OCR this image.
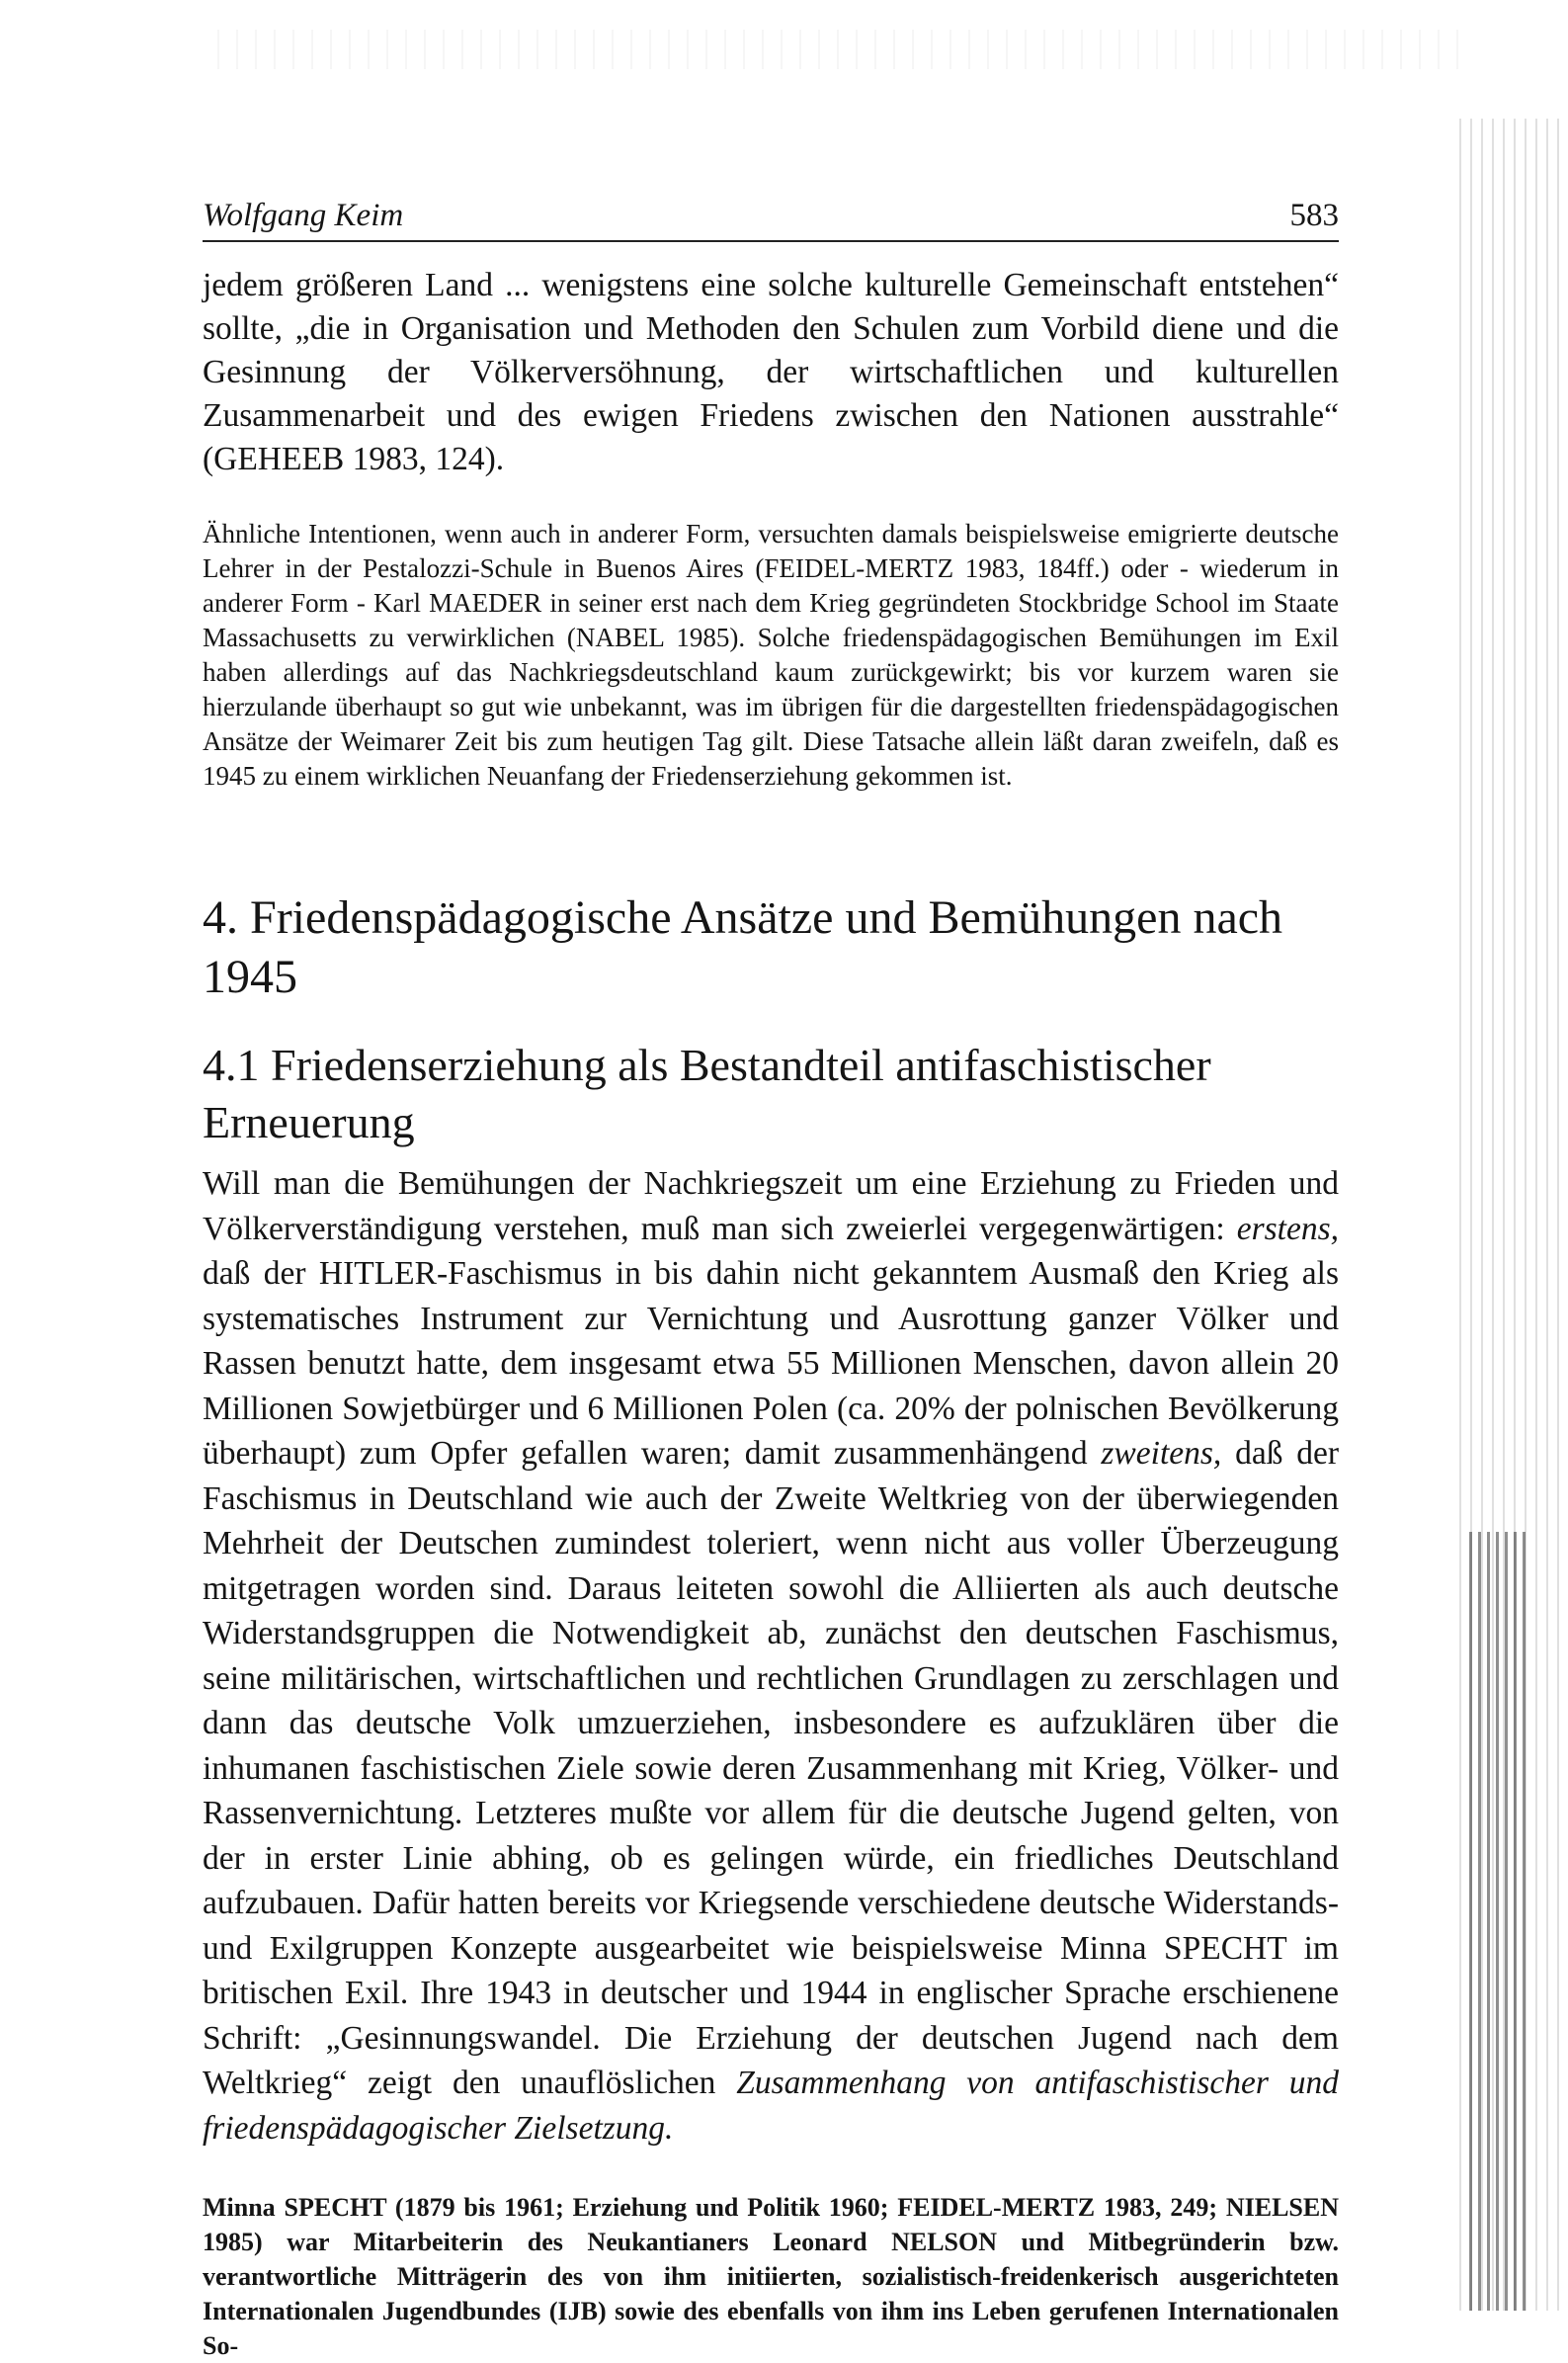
Wolfgang Keim	583

jedem größeren Land ... wenigstens eine solche kulturelle Gemeinschaft entstehen“ sollte, „die in Organisation und Methoden den Schulen zum Vorbild diene und die Gesinnung der Völkerversöhnung, der wirtschaftlichen und kulturellen Zusammenarbeit und des ewigen Friedens zwischen den Nationen ausstrahle“ (GEHEEB 1983, 124).

Ähnliche Intentionen, wenn auch in anderer Form, versuchten damals beispielsweise emigrierte deutsche Lehrer in der Pestalozzi-Schule in Buenos Aires (FEIDEL-MERTZ 1983, 184ff.) oder - wiederum in anderer Form - Karl MAEDER in seiner erst nach dem Krieg gegründeten Stockbridge School im Staate Massachusetts zu verwirklichen (NABEL 1985). Solche friedenspädagogischen Bemühungen im Exil haben allerdings auf das Nachkriegsdeutschland kaum zurückgewirkt; bis vor kurzem waren sie hierzulande überhaupt so gut wie unbekannt, was im übrigen für die dargestellten friedenspädagogischen Ansätze der Weimarer Zeit bis zum heutigen Tag gilt. Diese Tatsache allein läßt daran zweifeln, daß es 1945 zu einem wirklichen Neuanfang der Friedenserziehung gekommen ist.

4. Friedenspädagogische Ansätze und Bemühungen nach 1945
4.1 Friedenserziehung als Bestandteil antifaschistischer Erneuerung

Will man die Bemühungen der Nachkriegszeit um eine Erziehung zu Frieden und Völkerverständigung verstehen, muß man sich zweierlei vergegenwärtigen: erstens, daß der HITLER-Faschismus in bis dahin nicht gekanntem Ausmaß den Krieg als systematisches Instrument zur Vernichtung und Ausrottung ganzer Völker und Rassen benutzt hatte, dem insgesamt etwa 55 Millionen Menschen, davon allein 20 Millionen Sowjetbürger und 6 Millionen Polen (ca. 20% der polnischen Bevölkerung überhaupt) zum Opfer gefallen waren; damit zusammenhängend zweitens, daß der Faschismus in Deutschland wie auch der Zweite Weltkrieg von der überwiegenden Mehrheit der Deutschen zumindest toleriert, wenn nicht aus voller Überzeugung mitgetragen worden sind. Daraus leiteten sowohl die Alliierten als auch deutsche Widerstandsgruppen die Notwendigkeit ab, zunächst den deutschen Faschismus, seine militärischen, wirtschaftlichen und rechtlichen Grundlagen zu zerschlagen und dann das deutsche Volk umzuerziehen, insbesondere es aufzuklären über die inhumanen faschistischen Ziele sowie deren Zusammenhang mit Krieg, Völker- und Rassenvernichtung. Letzteres mußte vor allem für die deutsche Jugend gelten, von der in erster Linie abhing, ob es gelingen würde, ein friedliches Deutschland aufzubauen. Dafür hatten bereits vor Kriegsende verschiedene deutsche Widerstands- und Exilgruppen Konzepte ausgearbeitet wie beispielsweise Minna SPECHT im britischen Exil. Ihre 1943 in deutscher und 1944 in englischer Sprache erschienene Schrift: „Gesinnungswandel. Die Erziehung der deutschen Jugend nach dem Weltkrieg“ zeigt den unauflöslichen Zusammenhang von antifaschistischer und friedenspädagogischer Zielsetzung.

Minna SPECHT (1879 bis 1961; Erziehung und Politik 1960; FEIDEL-MERTZ 1983, 249; NIELSEN 1985) war Mitarbeiterin des Neukantianers Leonard NELSON und Mitbegründerin bzw. verantwortliche Mitträgerin des von ihm initiierten, sozialistisch-freidenkerisch ausgerichteten Internationalen Jugendbundes (IJB) sowie des ebenfalls von ihm ins Leben gerufenen Internationalen So-
